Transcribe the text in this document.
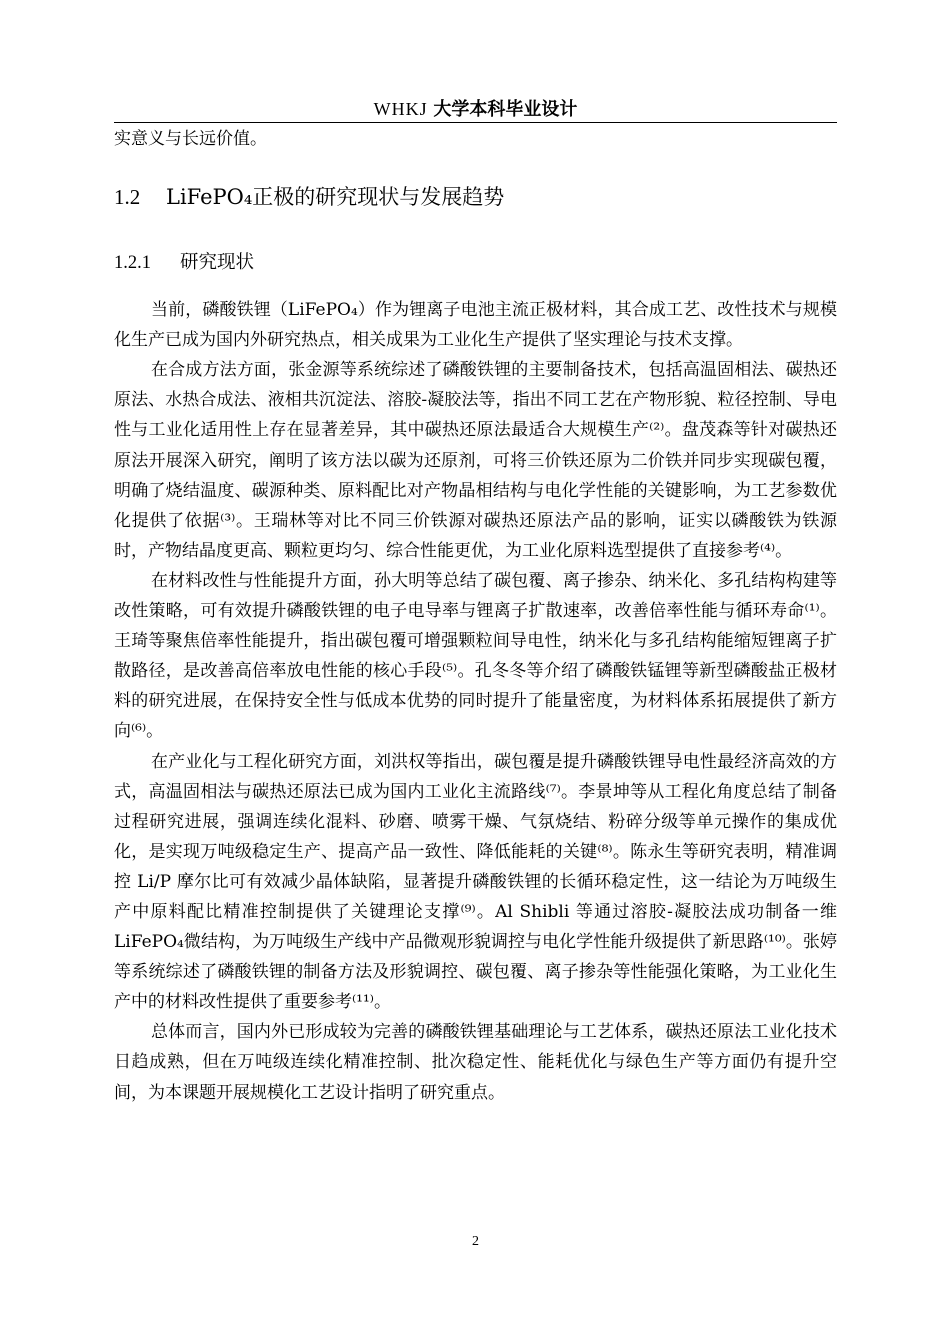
WHKJ 大学本科毕业设计

实意义与长远价值。

1.2 LiFePO₄正极的研究现状与发展趋势
1.2.1 研究现状

当前，磷酸铁锂（LiFePO₄）作为锂离子电池主流正极材料，其合成工艺、改性技术与规模化生产已成为国内外研究热点，相关成果为工业化生产提供了坚实理论与技术支撑。

在合成方法方面，张金源等系统综述了磷酸铁锂的主要制备技术，包括高温固相法、碳热还原法、水热合成法、液相共沉淀法、溶胶-凝胶法等，指出不同工艺在产物形貌、粒径控制、导电性与工业化适用性上存在显著差异，其中碳热还原法最适合大规模生产⁽²⁾。盘茂森等针对碳热还原法开展深入研究，阐明了该方法以碳为还原剂，可将三价铁还原为二价铁并同步实现碳包覆，明确了烧结温度、碳源种类、原料配比对产物晶相结构与电化学性能的关键影响，为工艺参数优化提供了依据⁽³⁾。王瑞林等对比不同三价铁源对碳热还原法产品的影响，证实以磷酸铁为铁源时，产物结晶度更高、颗粒更均匀、综合性能更优，为工业化原料选型提供了直接参考⁽⁴⁾。

在材料改性与性能提升方面，孙大明等总结了碳包覆、离子掺杂、纳米化、多孔结构构建等改性策略，可有效提升磷酸铁锂的电子电导率与锂离子扩散速率，改善倍率性能与循环寿命⁽¹⁾。王琦等聚焦倍率性能提升，指出碳包覆可增强颗粒间导电性，纳米化与多孔结构能缩短锂离子扩散路径，是改善高倍率放电性能的核心手段⁽⁵⁾。孔冬冬等介绍了磷酸铁锰锂等新型磷酸盐正极材料的研究进展，在保持安全性与低成本优势的同时提升了能量密度，为材料体系拓展提供了新方向⁽⁶⁾。

在产业化与工程化研究方面，刘洪权等指出，碳包覆是提升磷酸铁锂导电性最经济高效的方式，高温固相法与碳热还原法已成为国内工业化主流路线⁽⁷⁾。李景坤等从工程化角度总结了制备过程研究进展，强调连续化混料、砂磨、喷雾干燥、气氛烧结、粉碎分级等单元操作的集成优化，是实现万吨级稳定生产、提高产品一致性、降低能耗的关键⁽⁸⁾。陈永生等研究表明，精准调控 Li/P 摩尔比可有效减少晶体缺陷，显著提升磷酸铁锂的长循环稳定性，这一结论为万吨级生产中原料配比精准控制提供了关键理论支撑⁽⁹⁾。Al Shibli 等通过溶胶-凝胶法成功制备一维 LiFePO₄微结构，为万吨级生产线中产品微观形貌调控与电化学性能升级提供了新思路⁽¹⁰⁾。张婷等系统综述了磷酸铁锂的制备方法及形貌调控、碳包覆、离子掺杂等性能强化策略，为工业化生产中的材料改性提供了重要参考⁽¹¹⁾。

总体而言，国内外已形成较为完善的磷酸铁锂基础理论与工艺体系，碳热还原法工业化技术日趋成熟，但在万吨级连续化精准控制、批次稳定性、能耗优化与绿色生产等方面仍有提升空间，为本课题开展规模化工艺设计指明了研究重点。

2
